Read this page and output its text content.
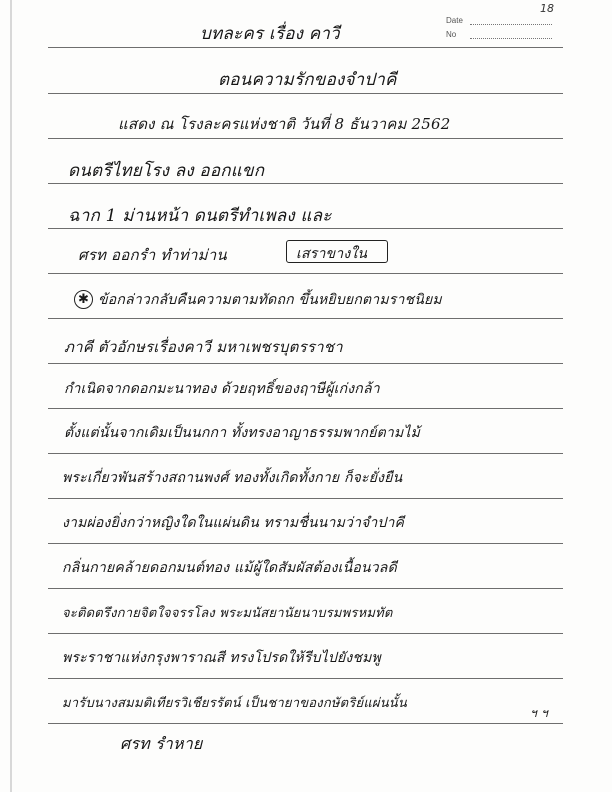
18
Date
No
บทละคร เรื่อง คาวี
ตอนความรักของจำปาคี
แสดง ณ โรงละครแห่งชาติ วันที่ 8 ธันวาคม 2562
ดนตรีไทยโรง ลง ออกแขก
ฉาก 1 ม่านหน้า ดนตรีทำเพลง และ
ศรท ออกรำ ทำท่าม่าน	เสราขางใน
✱ ข้อกล่าวกลับคืนความตามทัดถก ขึ้นหยิบยกตามราชนิยม
ภาคี ตัวอักษรเรื่องคาวี มหาเพชรบุตรราชา
กำเนิดจากดอกมะนาทอง ด้วยฤทธิ์ของฤาษีผู้เก่งกล้า
ตั้งแต่นั้นจากเดิมเป็นนกกา ทั้งทรงอาญาธรรมพากย์ตามไม้
พระเกี่ยวพันสร้างสถานพงศ์ ทองทั้งเกิดทั้งกาย ก็จะยั่งยืน
งามผ่องยิ่งกว่าหญิงใดในแผ่นดิน ทรามชื่นนามว่าจำปาคี
กลิ่นกายคล้ายดอกมนต์ทอง แม้ผู้ใดสัมผัสต้องเนื้อนวลดี
จะติดตรึงกายจิตใจจรรโลง พระมนัสยานัยนาบรมพรหมทัต
พระราชาแห่งกรุงพาราณสี ทรงโปรดให้รีบไปยังชมพู
มารับนางสมมติเทียรวิเชียรรัตน์ เป็นชายาของกษัตริย์แผ่นนั้น
ฯ ฯ
ศรท รำหาย
